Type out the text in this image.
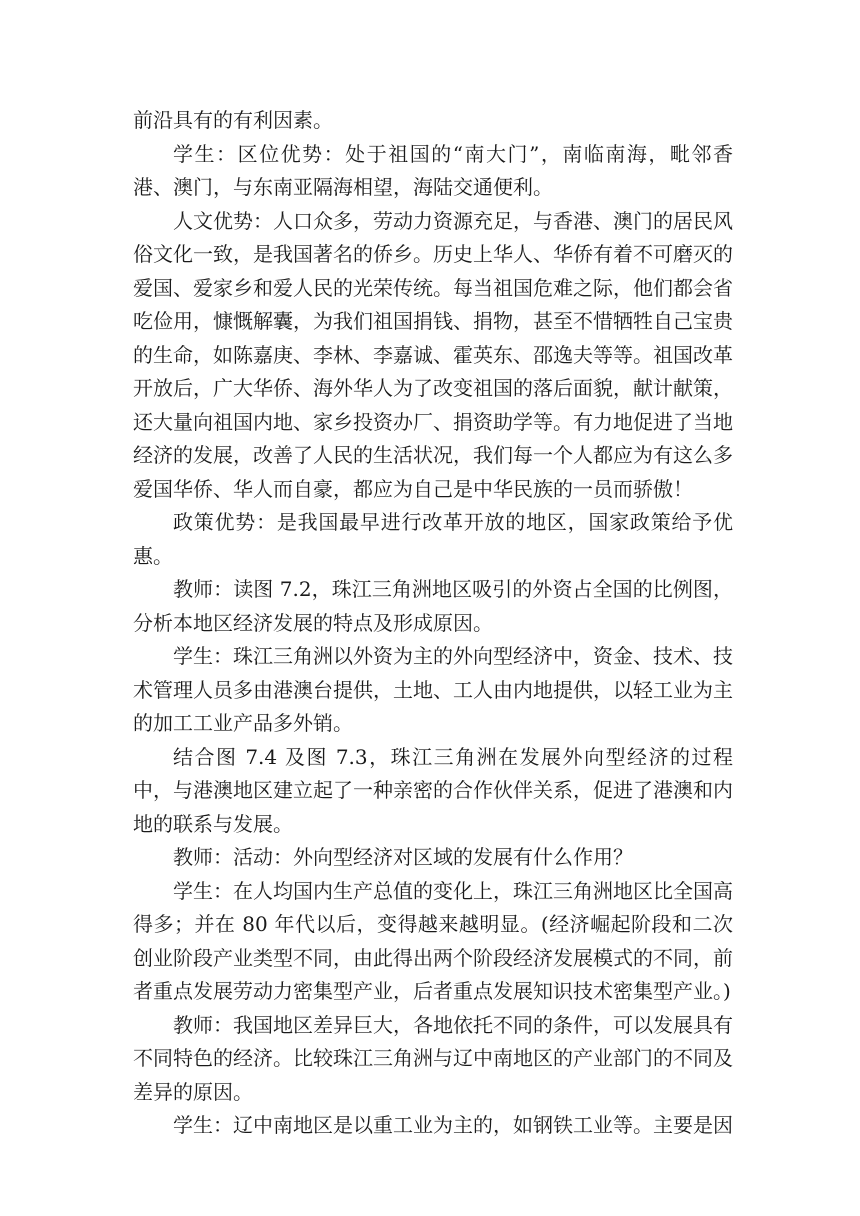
前沿具有的有利因素。

学生：区位优势：处于祖国的“南大门”，南临南海，毗邻香港、澳门，与东南亚隔海相望，海陆交通便利。

人文优势：人口众多，劳动力资源充足，与香港、澳门的居民风俗文化一致，是我国著名的侨乡。历史上华人、华侨有着不可磨灭的爱国、爱家乡和爱人民的光荣传统。每当祖国危难之际，他们都会省吃俭用，慷慨解囊，为我们祖国捐钱、捐物，甚至不惜牺牲自己宝贵的生命，如陈嘉庚、李林、李嘉诚、霍英东、邵逸夫等等。祖国改革开放后，广大华侨、海外华人为了改变祖国的落后面貌，献计献策，还大量向祖国内地、家乡投资办厂、捐资助学等。有力地促进了当地经济的发展，改善了人民的生活状况，我们每一个人都应为有这么多爱国华侨、华人而自豪，都应为自己是中华民族的一员而骄傲！

政策优势：是我国最早进行改革开放的地区，国家政策给予优惠。

教师：读图 7.2，珠江三角洲地区吸引的外资占全国的比例图，分析本地区经济发展的特点及形成原因。

学生：珠江三角洲以外资为主的外向型经济中，资金、技术、技术管理人员多由港澳台提供，土地、工人由内地提供，以轻工业为主的加工工业产品多外销。

结合图 7.4 及图 7.3，珠江三角洲在发展外向型经济的过程中，与港澳地区建立起了一种亲密的合作伙伴关系，促进了港澳和内地的联系与发展。

教师：活动：外向型经济对区域的发展有什么作用？

学生：在人均国内生产总值的变化上，珠江三角洲地区比全国高得多；并在 80 年代以后，变得越来越明显。(经济崛起阶段和二次创业阶段产业类型不同，由此得出两个阶段经济发展模式的不同，前者重点发展劳动力密集型产业，后者重点发展知识技术密集型产业。)

教师：我国地区差异巨大，各地依托不同的条件，可以发展具有不同特色的经济。比较珠江三角洲与辽中南地区的产业部门的不同及差异的原因。

学生：辽中南地区是以重工业为主的，如钢铁工业等。主要是因
